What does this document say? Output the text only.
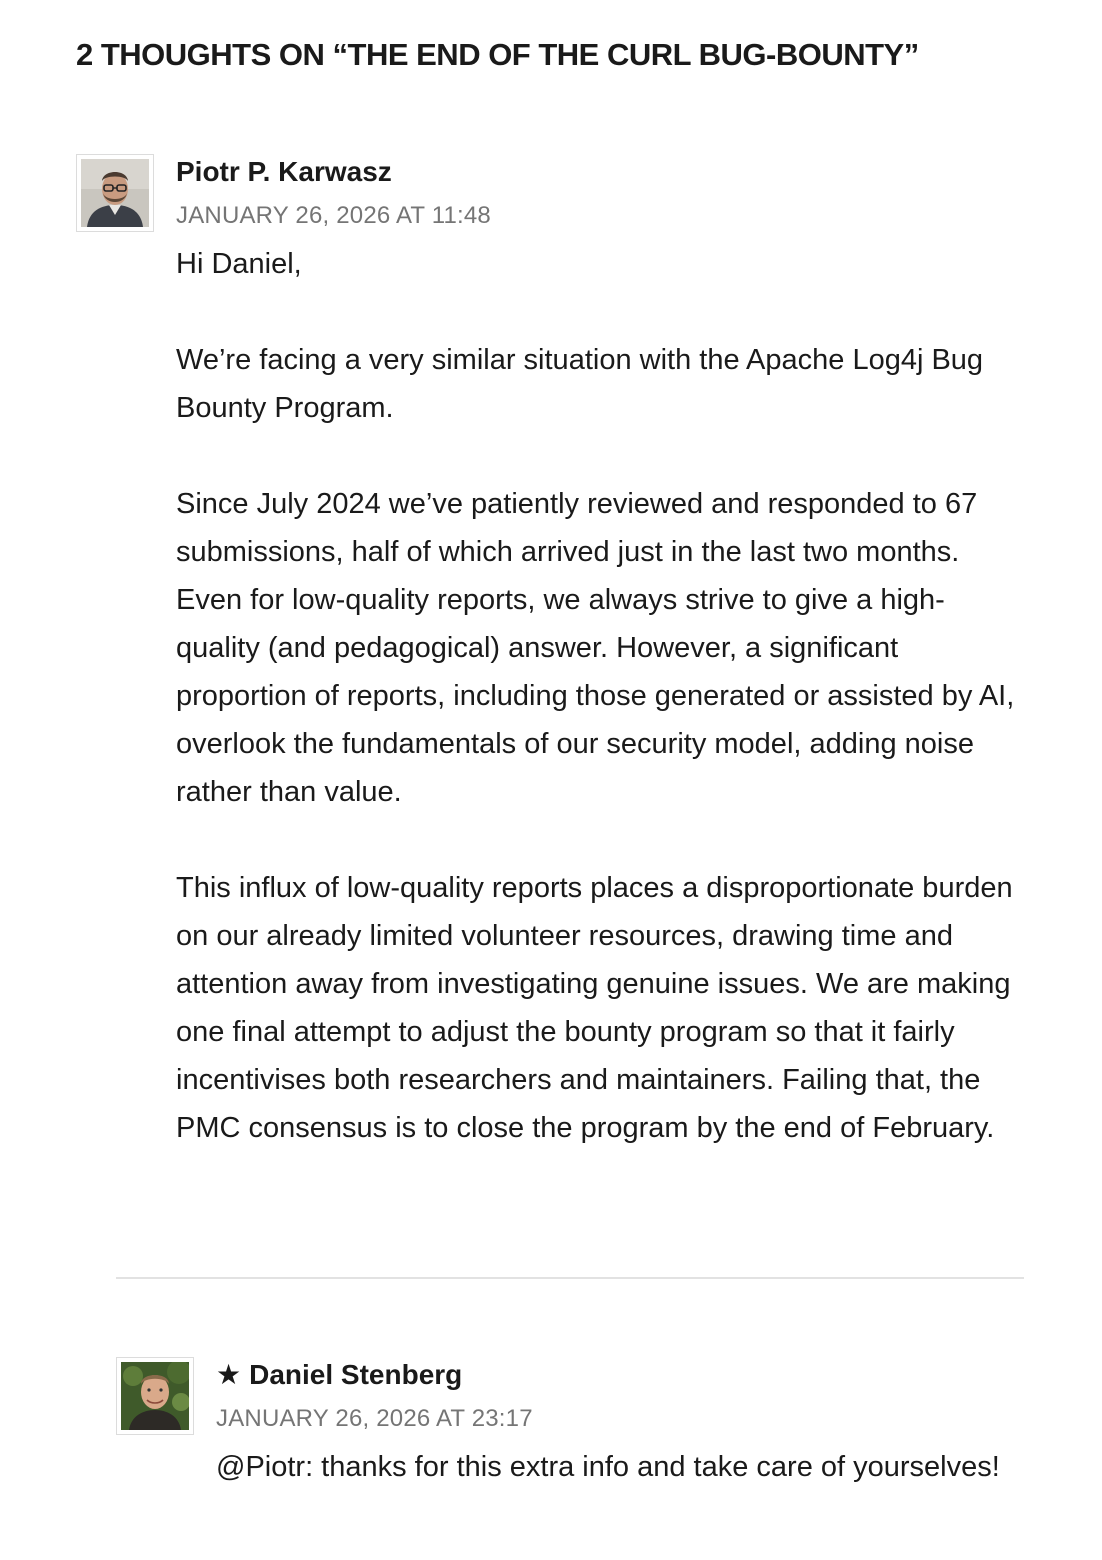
2 THOUGHTS ON “THE END OF THE CURL BUG-BOUNTY”
Piotr P. Karwasz
JANUARY 26, 2026 AT 11:48

Hi Daniel,

We’re facing a very similar situation with the Apache Log4j Bug Bounty Program.

Since July 2024 we’ve patiently reviewed and responded to 67 submissions, half of which arrived just in the last two months. Even for low-quality reports, we always strive to give a high-quality (and pedagogical) answer. However, a significant proportion of reports, including those generated or assisted by AI, overlook the fundamentals of our security model, adding noise rather than value.

This influx of low-quality reports places a disproportionate burden on our already limited volunteer resources, drawing time and attention away from investigating genuine issues. We are making one final attempt to adjust the bounty program so that it fairly incentivises both researchers and maintainers. Failing that, the PMC consensus is to close the program by the end of February.

★ Daniel Stenberg
JANUARY 26, 2026 AT 23:17

@Piotr: thanks for this extra info and take care of yourselves!
